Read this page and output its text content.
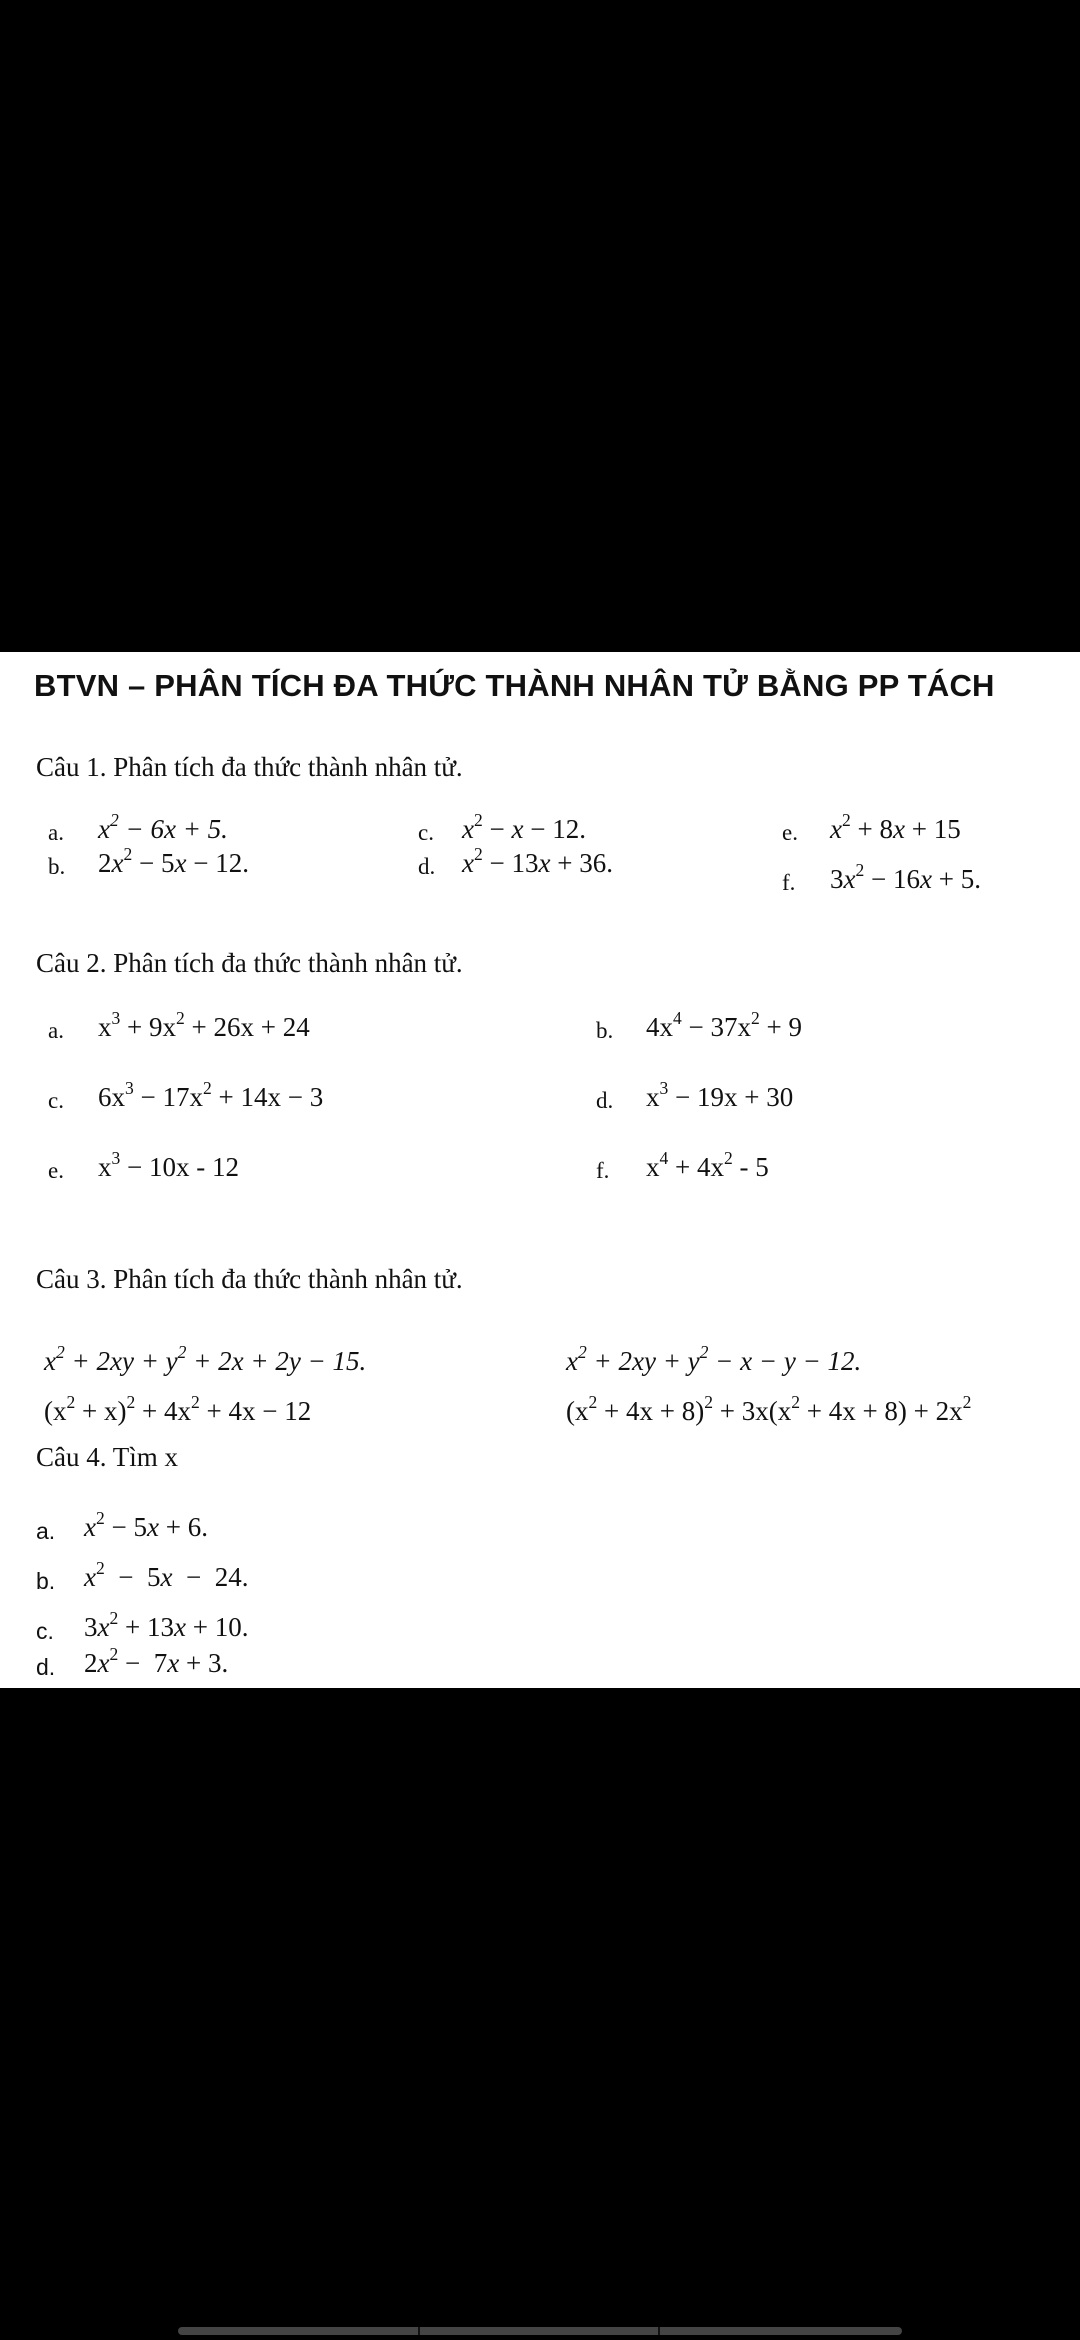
BTVN – PHÂN TÍCH ĐA THỨC THÀNH NHÂN TỬ BẰNG PP TÁCH
Câu 1. Phân tích đa thức thành nhân tử.
a. $x^2 - 6x + 5$.
b. $2x^2 - 5x - 12$.
c. $x^2 - x - 12$.
d. $x^2 - 13x + 36$.
e. $x^2 + 8x + 15$
f. $3x^2 - 16x + 5$.
Câu 2. Phân tích đa thức thành nhân tử.
a. $x^3 + 9x^2 + 26x + 24$	b. $4x^4 - 37x^2 + 9$
c. $6x^3 - 17x^2 + 14x - 3$	d. $x^3 - 19x + 30$
e. $x^3 - 10x - 12$	f. $x^4 + 4x^2 - 5$
Câu 3. Phân tích đa thức thành nhân tử.
$x^2 + 2xy + y^2 + 2x + 2y - 15$.	$x^2 + 2xy + y^2 - x - y - 12$.
$(x^2 + x)^2 + 4x^2 + 4x - 12$	$(x^2 + 4x + 8)^2 + 3x(x^2 + 4x + 8) + 2x^2$
Câu 4. Tìm x
a. $x^2 - 5x + 6$.
b. $x^2 - 5x - 24$.
c. $3x^2 + 13x + 10$.
d. $2x^2 - 7x + 3$.
